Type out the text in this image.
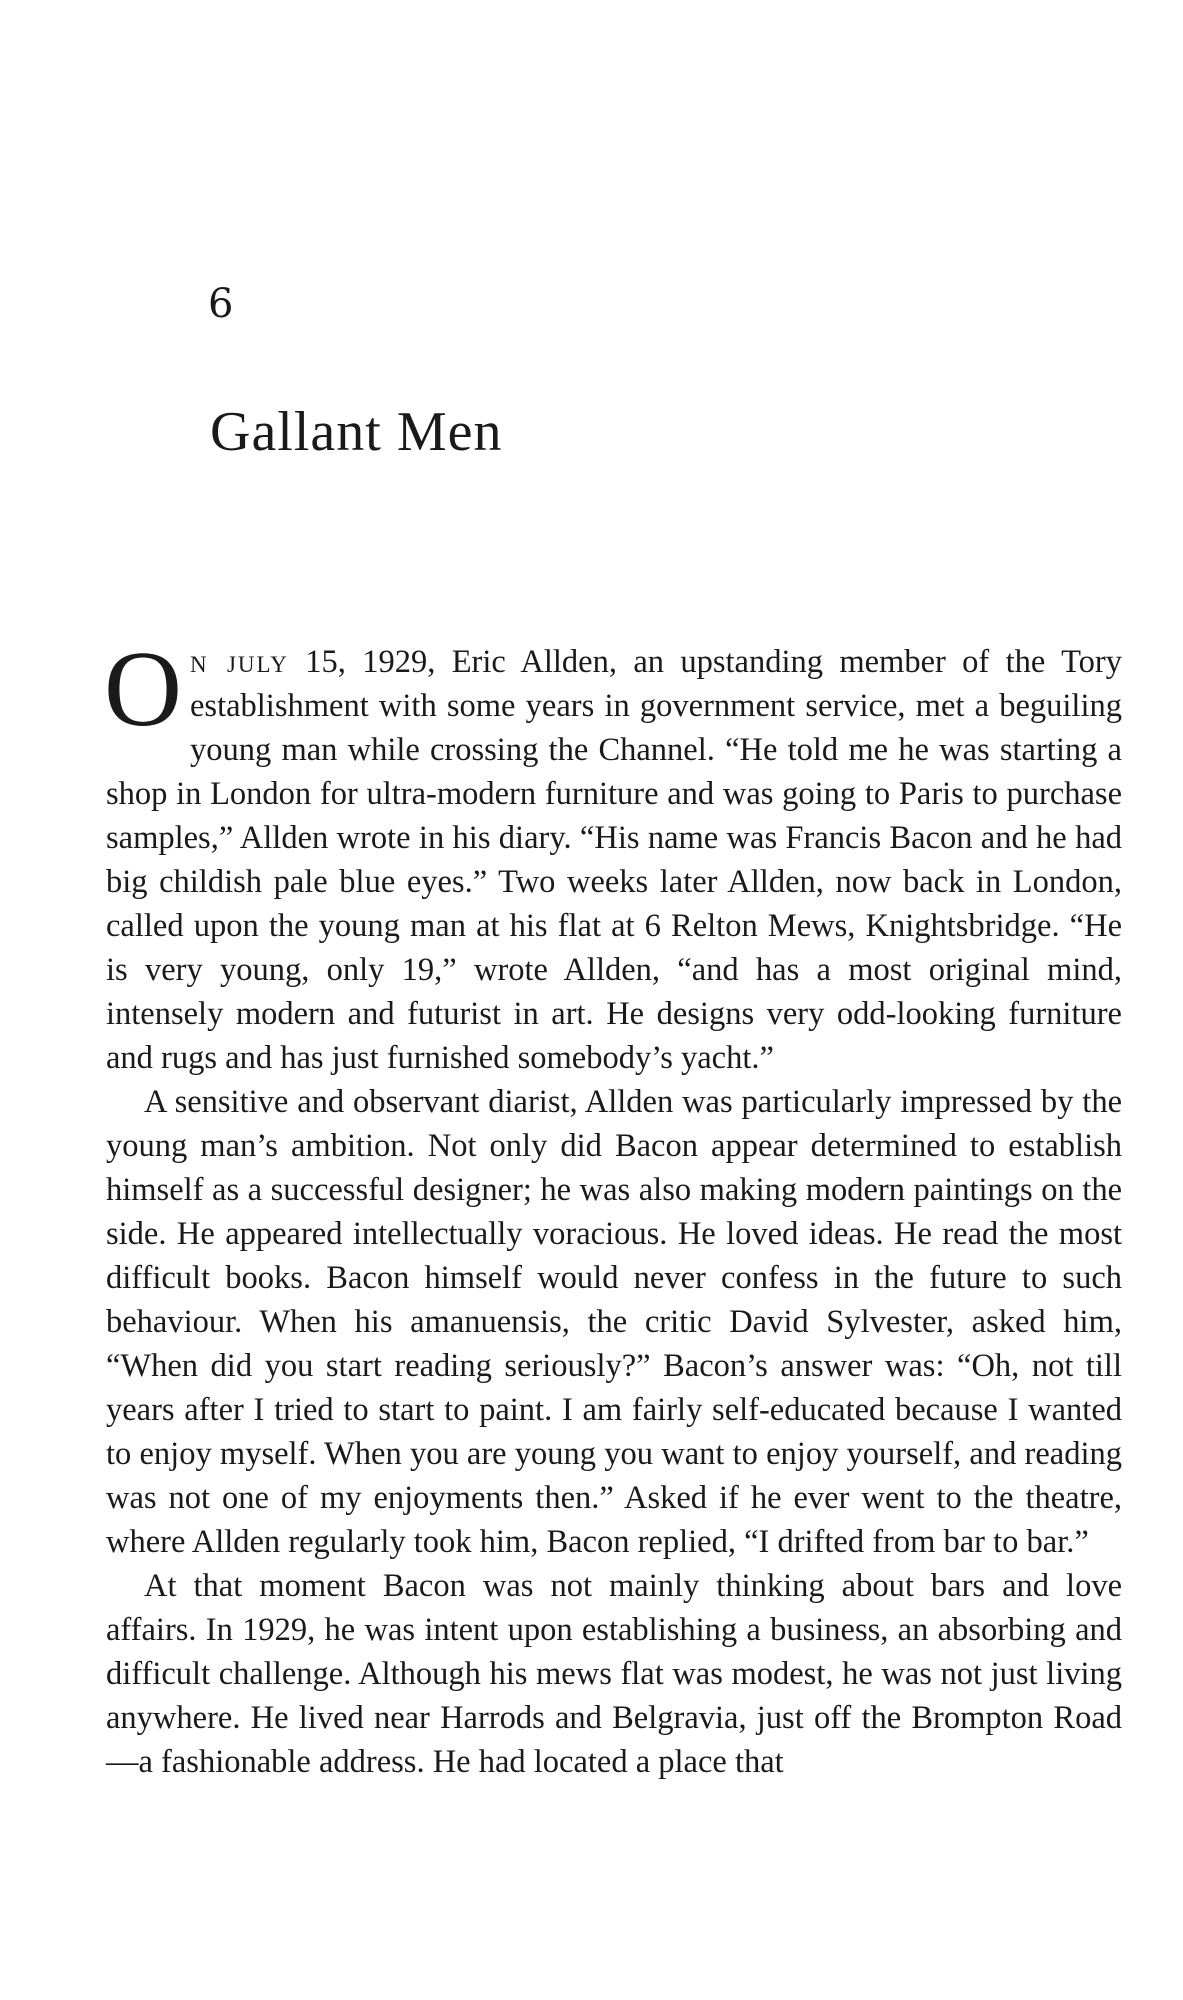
6
Gallant Men

On july 15, 1929, Eric Allden, an upstanding member of the Tory establishment with some years in government service, met a beguiling young man while crossing the Channel. “He told me he was starting a shop in London for ultra-modern furniture and was going to Paris to purchase samples,” Allden wrote in his diary. “His name was Francis Bacon and he had big childish pale blue eyes.” Two weeks later Allden, now back in London, called upon the young man at his flat at 6 Relton Mews, Knightsbridge. “He is very young, only 19,” wrote Allden, “and has a most original mind, intensely modern and futurist in art. He designs very odd-looking furniture and rugs and has just furnished somebody’s yacht.”

A sensitive and observant diarist, Allden was particularly impressed by the young man’s ambition. Not only did Bacon appear determined to establish himself as a successful designer; he was also making modern paintings on the side. He appeared intellectually voracious. He loved ideas. He read the most difficult books. Bacon himself would never confess in the future to such behaviour. When his amanuensis, the critic David Sylvester, asked him, “When did you start reading seriously?” Bacon’s answer was: “Oh, not till years after I tried to start to paint. I am fairly self-educated because I wanted to enjoy myself. When you are young you want to enjoy yourself, and reading was not one of my enjoyments then.” Asked if he ever went to the theatre, where Allden regularly took him, Bacon replied, “I drifted from bar to bar.”

At that moment Bacon was not mainly thinking about bars and love affairs. In 1929, he was intent upon establishing a business, an absorbing and difficult challenge. Although his mews flat was modest, he was not just living anywhere. He lived near Harrods and Belgravia, just off the Brompton Road—a fashionable address. He had located a place that
